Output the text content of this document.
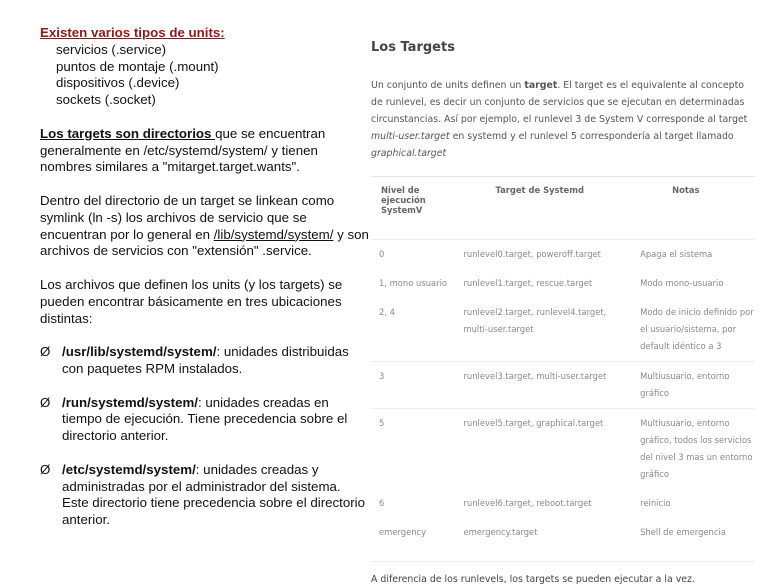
Existen varios tipos de units:
servicios (.service)
puntos de montaje (.mount)
dispositivos (.device)
sockets (.socket)
Los targets son directorios que se encuentran generalmente en /etc/systemd/system/ y tienen nombres similares a "mitarget.target.wants".
Dentro del directorio de un target se linkean como symlink (ln -s) los archivos de servicio que se encuentran por lo general en /lib/systemd/system/ y son archivos de servicios con "extensión" .service.
Los archivos que definen los units (y los targets) se pueden encontrar básicamente en tres ubicaciones distintas:
Ø /usr/lib/systemd/system/: unidades distribuidas con paquetes RPM instalados.
Ø /run/systemd/system/: unidades creadas en tiempo de ejecución. Tiene precedencia sobre el directorio anterior.
Ø /etc/systemd/system/: unidades creadas y administradas por el administrador del sistema. Este directorio tiene precedencia sobre el directorio anterior.
Los Targets
Un conjunto de units definen un target. El target es el equivalente al concepto de runlevel, es decir un conjunto de servicios que se ejecutan en determinadas circunstancias. Así por ejemplo, el runlevel 3 de System V corresponde al target multi-user.target en systemd y el runlevel 5 correspondería al target llamado graphical.target
Nivel de ejecución SystemV	Target de Systemd	Notas
0	runlevel0.target, poweroff.target	Apaga el sistema
1, mono usuario	runlevel1.target, rescue.target	Modo mono-usuario
2, 4	runlevel2.target, runlevel4.target, multi-user.target	Modo de inicio definido por el usuario/sistema, por default idéntico a 3
3	runlevel3.target, multi-user.target	Multiusuario, entorno gráfico
5	runlevel5.target, graphical.target	Multiusuario, entorno gráfico, todos los servicios del nivel 3 mas un entorno gráfico
6	runlevel6.target, reboot.target	reinicio
emergency	emergency.target	Shell de emergencia
A diferencia de los runlevels, los targets se pueden ejecutar a la vez.
